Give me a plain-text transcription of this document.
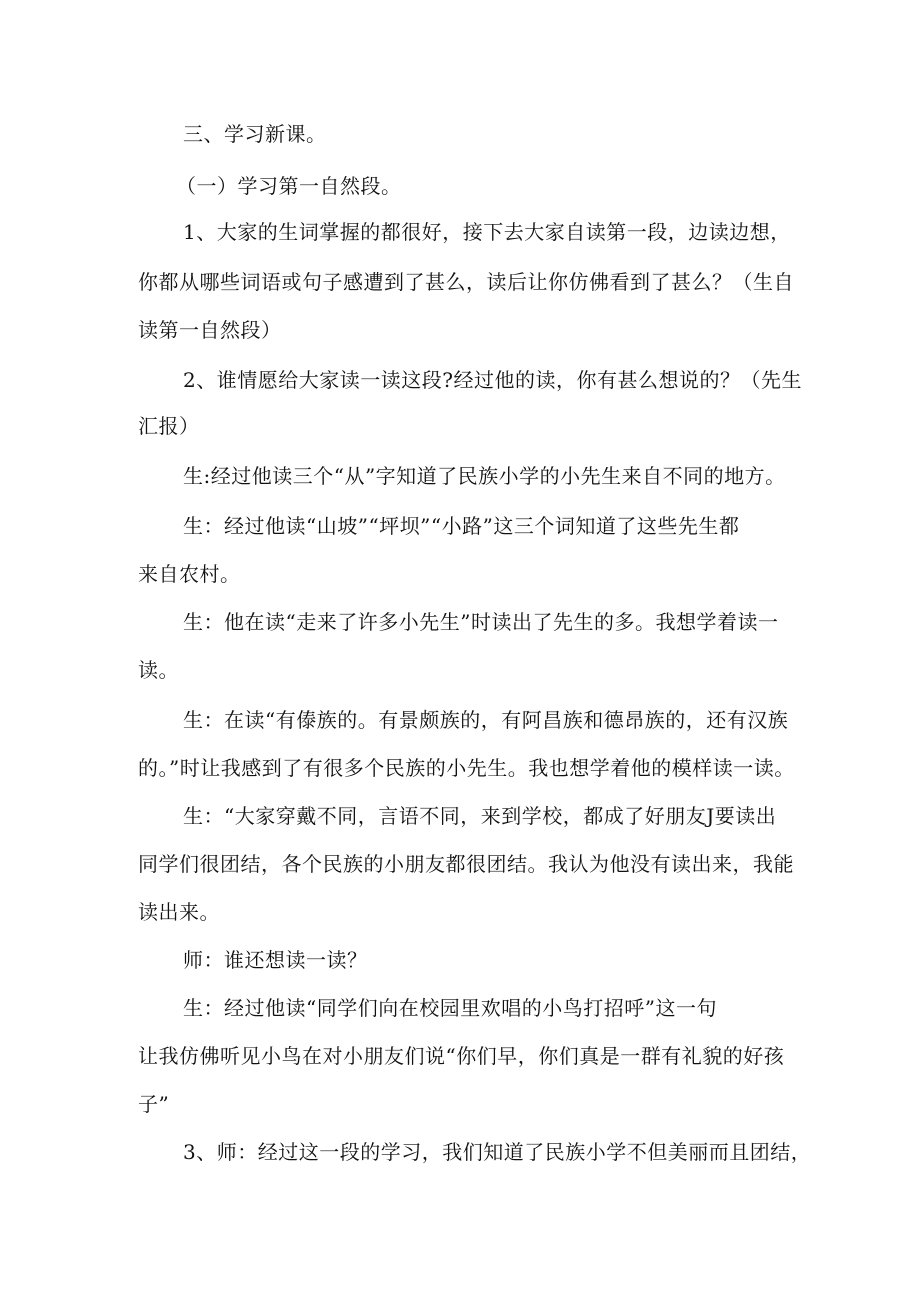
三、学习新课。
（一）学习第一自然段。
1、大家的生词掌握的都很好，接下去大家自读第一段，边读边想，
你都从哪些词语或句子感遭到了甚么，读后让你仿佛看到了甚么？（生自
读第一自然段）
2、谁情愿给大家读一读这段?经过他的读，你有甚么想说的？（先生
汇报）
生:经过他读三个“从”字知道了民族小学的小先生来自不同的地方。
生：经过他读“山坡”“坪坝”“小路”这三个词知道了这些先生都
来自农村。
生：他在读“走来了许多小先生”时读出了先生的多。我想学着读一
读。
生：在读“有傣族的。有景颇族的，有阿昌族和德昂族的，还有汉族
的。”时让我感到了有很多个民族的小先生。我也想学着他的模样读一读。
生：“大家穿戴不同，言语不同，来到学校，都成了好朋友J要读出
同学们很团结，各个民族的小朋友都很团结。我认为他没有读出来，我能
读出来。
师：谁还想读一读？
生：经过他读“同学们向在校园里欢唱的小鸟打招呼”这一句
让我仿佛听见小鸟在对小朋友们说“你们早，你们真是一群有礼貌的好孩
子”
3、师：经过这一段的学习，我们知道了民族小学不但美丽而且团结，
